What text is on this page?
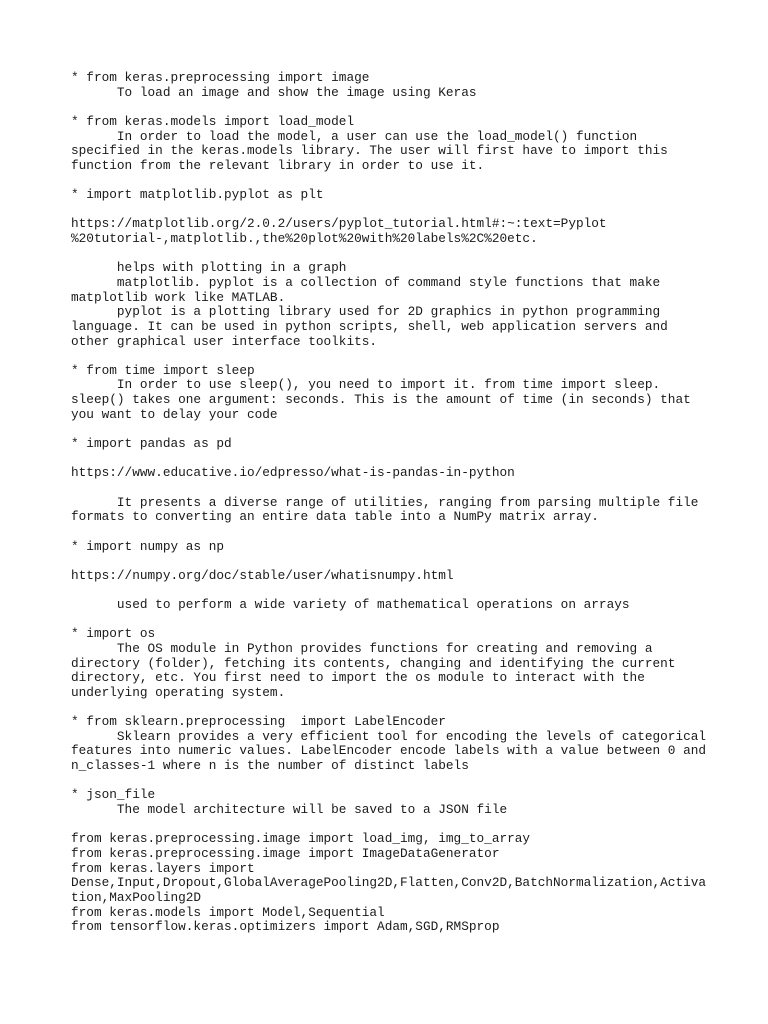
* from keras.preprocessing import image
To load an image and show the image using Keras
* from keras.models import load_model
In order to load the model, a user can use the load_model() function
specified in the keras.models library. The user will first have to import this
function from the relevant library in order to use it.
* import matplotlib.pyplot as plt
https://matplotlib.org/2.0.2/users/pyplot_tutorial.html#:~:text=Pyplot
%20tutorial-,matplotlib.,the%20plot%20with%20labels%2C%20etc.
helps with plotting in a graph
matplotlib. pyplot is a collection of command style functions that make
matplotlib work like MATLAB.
pyplot is a plotting library used for 2D graphics in python programming
language. It can be used in python scripts, shell, web application servers and
other graphical user interface toolkits.
* from time import sleep
In order to use sleep(), you need to import it. from time import sleep.
sleep() takes one argument: seconds. This is the amount of time (in seconds) that
you want to delay your code
* import pandas as pd
https://www.educative.io/edpresso/what-is-pandas-in-python
It presents a diverse range of utilities, ranging from parsing multiple file
formats to converting an entire data table into a NumPy matrix array.
* import numpy as np
https://numpy.org/doc/stable/user/whatisnumpy.html
used to perform a wide variety of mathematical operations on arrays
* import os
The OS module in Python provides functions for creating and removing a
directory (folder), fetching its contents, changing and identifying the current
directory, etc. You first need to import the os module to interact with the
underlying operating system.
* from sklearn.preprocessing  import LabelEncoder
Sklearn provides a very efficient tool for encoding the levels of categorical
features into numeric values. LabelEncoder encode labels with a value between 0 and
n_classes-1 where n is the number of distinct labels
* json_file
The model architecture will be saved to a JSON file
from keras.preprocessing.image import load_img, img_to_array
from keras.preprocessing.image import ImageDataGenerator
from keras.layers import
Dense,Input,Dropout,GlobalAveragePooling2D,Flatten,Conv2D,BatchNormalization,Activa
tion,MaxPooling2D
from keras.models import Model,Sequential
from tensorflow.keras.optimizers import Adam,SGD,RMSprop
